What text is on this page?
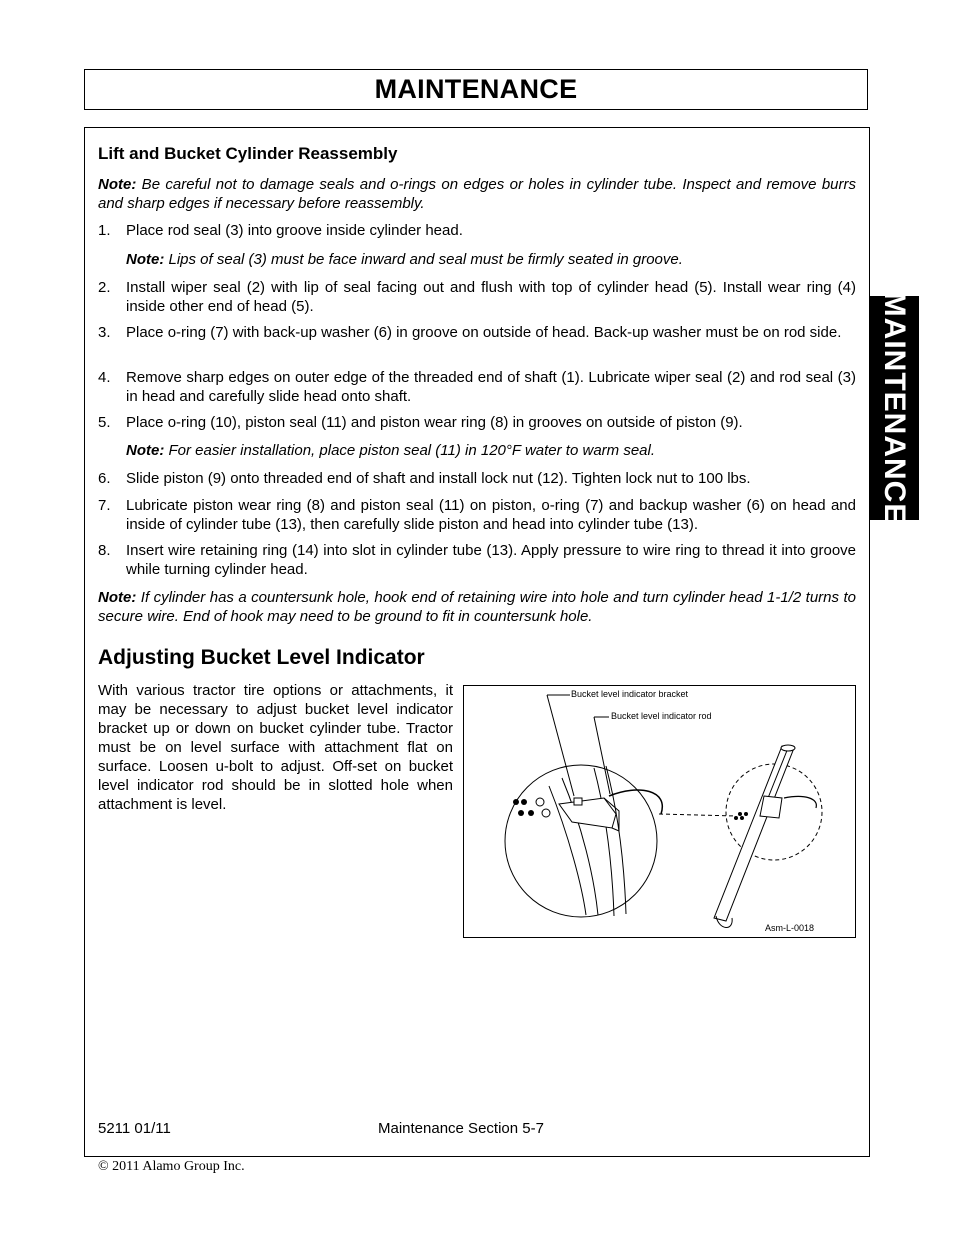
MAINTENANCE
MAINTENANCE
Lift and Bucket Cylinder Reassembly
Note: Be careful not to damage seals and o-rings on edges or holes in cylinder tube. Inspect and remove burrs and sharp edges if necessary before reassembly.
1. Place rod seal (3) into groove inside cylinder head.
Note: Lips of seal (3) must be face inward and seal must be firmly seated in groove.
2. Install wiper seal (2) with lip of seal facing out and flush with top of cylinder head (5). Install wear ring (4) inside other end of head (5).
3. Place o-ring (7) with back-up washer (6) in groove on outside of head. Back-up washer must be on rod side.
4. Remove sharp edges on outer edge of the threaded end of shaft (1). Lubricate wiper seal (2) and rod seal (3) in head and carefully slide head onto shaft.
5. Place o-ring (10), piston seal (11) and piston wear ring (8) in grooves on outside of piston (9).
Note: For easier installation, place piston seal (11) in 120°F water to warm seal.
6. Slide piston (9) onto threaded end of shaft and install lock nut (12). Tighten lock nut to 100 lbs.
7. Lubricate piston wear ring (8) and piston seal (11) on piston, o-ring (7) and backup washer (6) on head and inside of cylinder tube (13), then carefully slide piston and head into cylinder tube (13).
8. Insert wire retaining ring (14) into slot in cylinder tube (13). Apply pressure to wire ring to thread it into groove while turning cylinder head.
Note: If cylinder has a countersunk hole, hook end of retaining wire into hole and turn cylinder head 1-1/2 turns to secure wire. End of hook may need to be ground to fit in countersunk hole.
Adjusting Bucket Level Indicator
With various tractor tire options or attachments, it may be necessary to adjust bucket level indicator bracket up or down on bucket cylinder tube. Tractor must be on level surface with attachment flat on surface. Loosen u-bolt to adjust. Off-set on bucket level indicator rod should be in slotted hole when attachment is level.
Bucket level indicator bracket
Bucket level indicator rod
Asm-L-0018
5211 01/11	Maintenance Section 5-7
© 2011 Alamo Group Inc.
